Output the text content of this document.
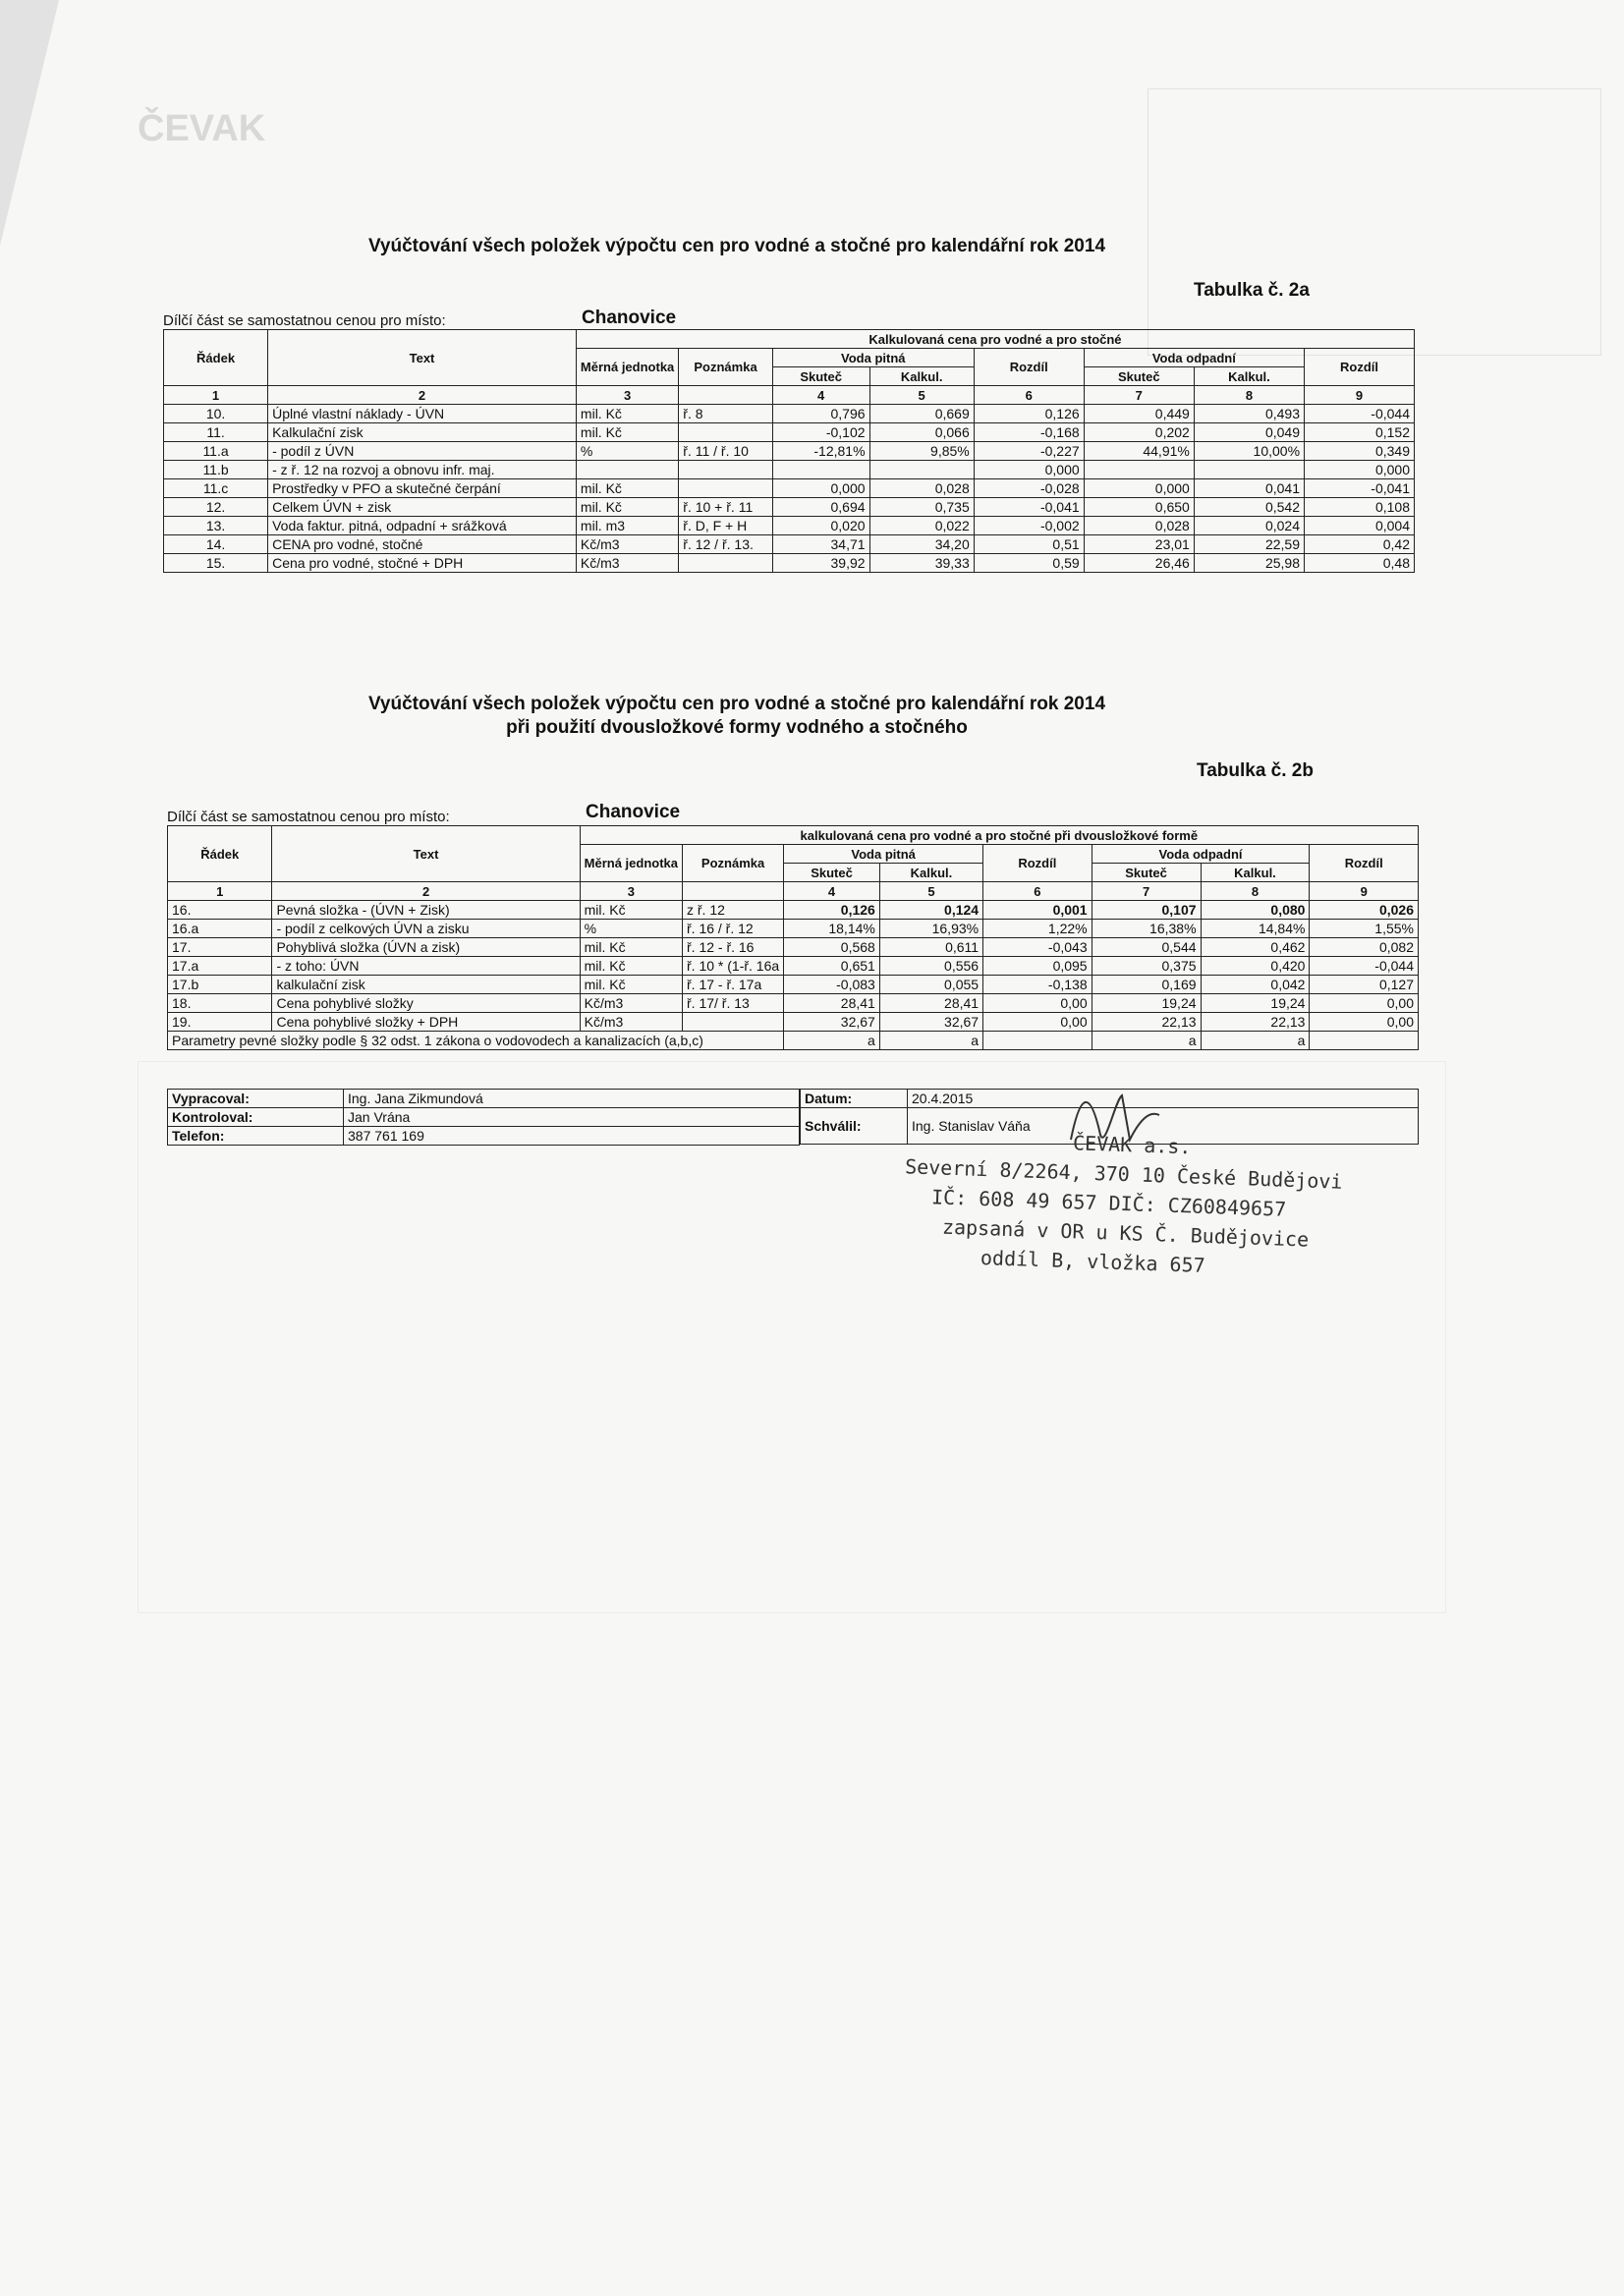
ČEVAK
Vyúčtování všech položek výpočtu cen pro vodné a stočné pro kalendářní rok 2014
Tabulka č. 2a
Dílčí část se samostatnou cenou pro místo:	Chanovice
Řádek	Text	Kalkulovaná cena pro vodné a pro stočné							
		Měrná jednotka	Poznámka	Voda pitná		Rozdíl	Voda odpadní		Rozdíl
				Skuteč	Kalkul.		Skuteč	Kalkul.	
1	2	3		4	5	6	7	8	9
10.	Úplné vlastní náklady - ÚVN	mil. Kč	ř. 8	0,796	0,669	0,126	0,449	0,493	-0,044
11.	Kalkulační zisk	mil. Kč		-0,102	0,066	-0,168	0,202	0,049	0,152
11.a	- podíl z ÚVN	%	ř. 11 / ř. 10	-12,81%	9,85%	-0,227	44,91%	10,00%	0,349
11.b	- z ř. 12 na rozvoj a obnovu infr. maj.					0,000			0,000
11.c	Prostředky v PFO a skutečné čerpání	mil. Kč		0,000	0,028	-0,028	0,000	0,041	-0,041
12.	Celkem ÚVN + zisk	mil. Kč	ř. 10 + ř. 11	0,694	0,735	-0,041	0,650	0,542	0,108
13.	Voda faktur. pitná, odpadní + srážková	mil. m3	ř. D, F + H	0,020	0,022	-0,002	0,028	0,024	0,004
14.	CENA pro vodné, stočné	Kč/m3	ř. 12 / ř. 13.	34,71	34,20	0,51	23,01	22,59	0,42
15.	Cena pro vodné, stočné + DPH	Kč/m3		39,92	39,33	0,59	26,46	25,98	0,48
Vyúčtování všech položek výpočtu cen pro vodné a stočné pro kalendářní rok 2014
při použití dvousložkové formy vodného a stočného
Tabulka č. 2b
Dílčí část se samostatnou cenou pro místo:	Chanovice
Řádek	Text	kalkulovaná cena pro vodné a pro stočné při dvousložkové formě							
		Měrná jednotka	Poznámka	Voda pitná		Rozdíl	Voda odpadní		Rozdíl
				Skuteč	Kalkul.		Skuteč	Kalkul.	
1	2	3		4	5	6	7	8	9
16.	Pevná složka - (ÚVN + Zisk)	mil. Kč	z ř. 12	0,126	0,124	0,001	0,107	0,080	0,026
16.a	- podíl z celkových ÚVN a zisku	%	ř. 16 / ř. 12	18,14%	16,93%	1,22%	16,38%	14,84%	1,55%
17.	Pohyblivá složka (ÚVN a zisk)	mil. Kč	ř. 12 - ř. 16	0,568	0,611	-0,043	0,544	0,462	0,082
17.a	- z toho: ÚVN	mil. Kč	ř. 10 * (1-ř. 16a	0,651	0,556	0,095	0,375	0,420	-0,044
17.b	kalkulační zisk	mil. Kč	ř. 17 - ř. 17a	-0,083	0,055	-0,138	0,169	0,042	0,127
18.	Cena pohyblivé složky	Kč/m3	ř. 17/ ř. 13	28,41	28,41	0,00	19,24	19,24	0,00
19.	Cena pohyblivé složky + DPH	Kč/m3		32,67	32,67	0,00	22,13	22,13	0,00
Parametry pevné složky podle § 32 odst. 1 zákona o vodovodech a kanalizacích (a,b,c)				a	a		a	a	
Vypracoval:	Ing. Jana Zikmundová
Kontroloval:	Jan Vrána
Telefon:	387 761 169
Datum:	20.4.2015
Schválil:	Ing. Stanislav Váňa
ČEVAK a.s.
Severní 8/2264, 370 10 České Budějovi
IČ: 608 49 657 DIČ: CZ60849657
zapsaná v OR u KS Č. Budějovice
oddíl B, vložka 657
